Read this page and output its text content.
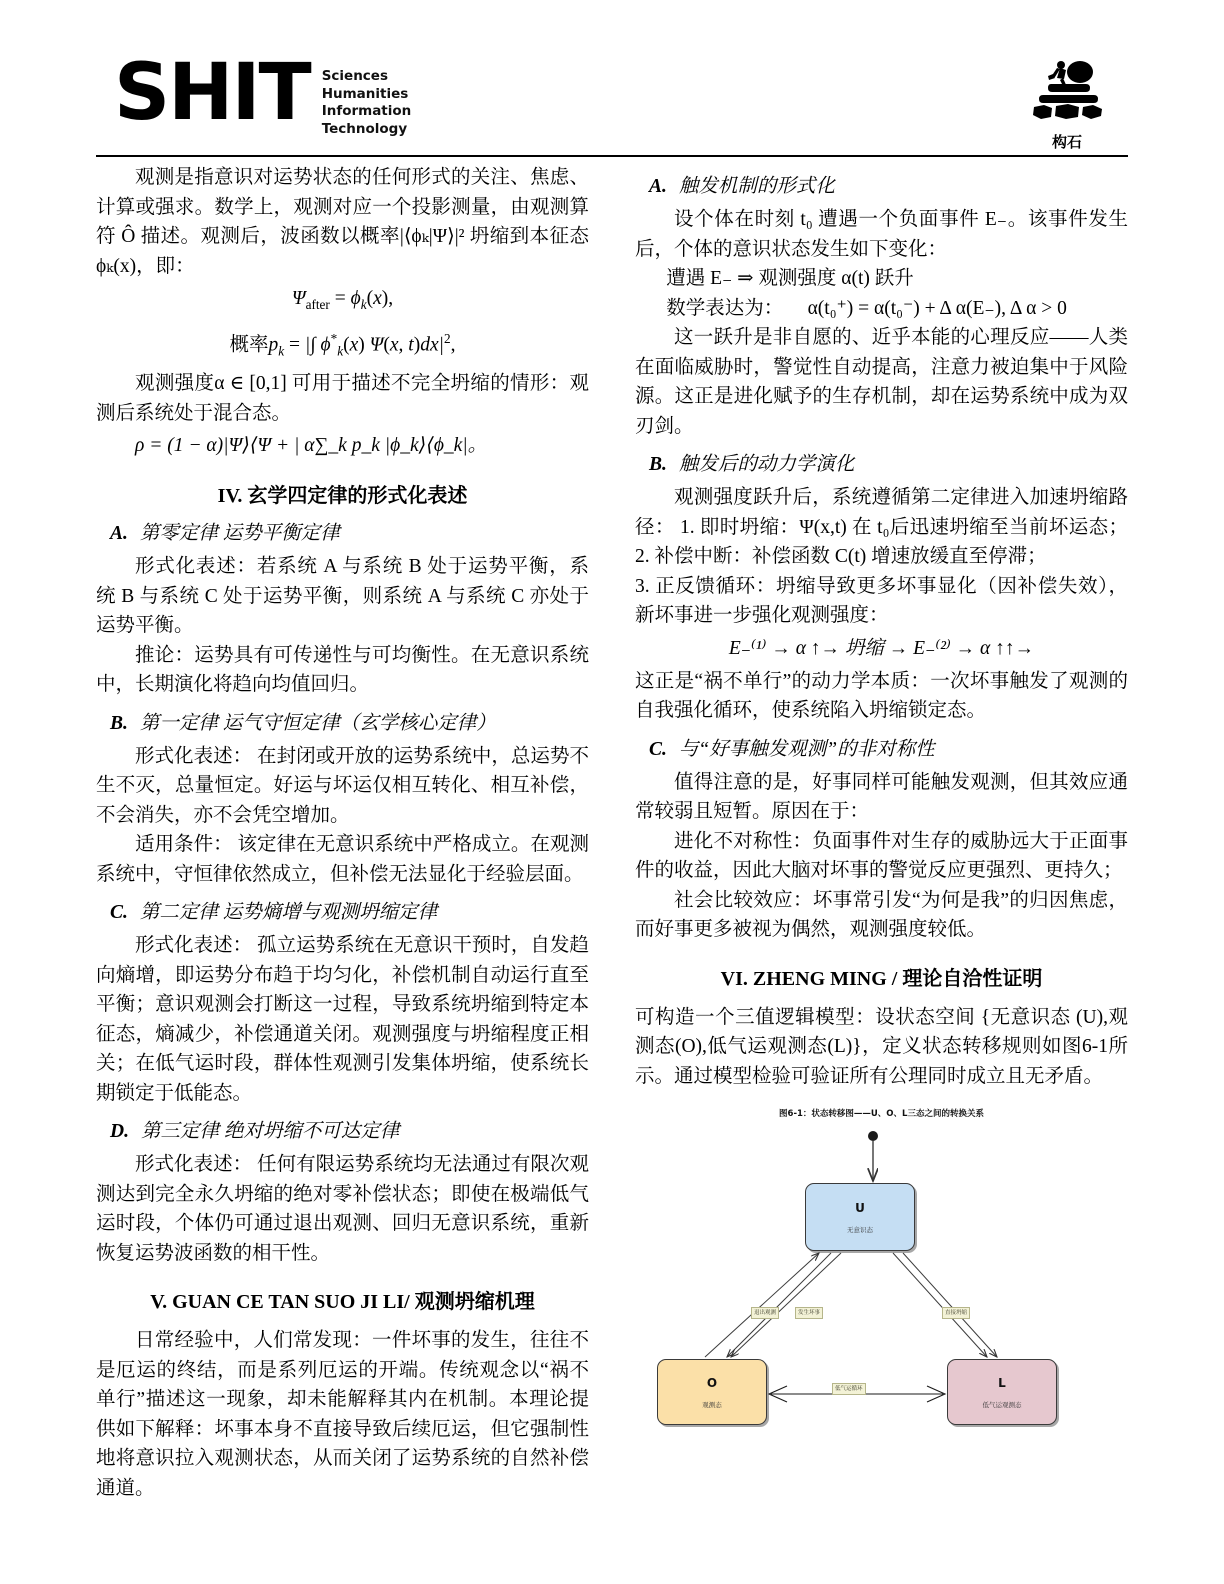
SHIT Sciences
Humanities
Information
Technology
构石

观测是指意识对运势状态的任何形式的关注、焦虑、计算或强求。数学上，观测对应一个投影测量，由观测算符 Ô 描述。观测后，波函数以概率|⟨ϕₖ|Ψ⟩|² 坍缩到本征态 ϕₖ(x)，即：

$\Psi_{after} = \phi_k(x)$,
概率$p_k$ = |∫ $\phi^*_k(x)$ Ψ(x, $t)dx|^2$,

观测强度α ∈ [0,1] 可用于描述不完全坍缩的情形：观测后系统处于混合态。

ρ = (1 − α)|Ψ⟩⟨Ψ + | α∑_k p_k |ϕ_k⟩⟨ϕ_k|。
IV. 玄学四定律的形式化表述
A. 第零定律 运势平衡定律

形式化表述：若系统 A 与系统 B 处于运势平衡，系统 B 与系统 C 处于运势平衡，则系统 A 与系统 C 亦处于运势平衡。

推论：运势具有可传递性与可均衡性。在无意识系统中，长期演化将趋向均值回归。

B. 第一定律 运气守恒定律（玄学核心定律）

形式化表述： 在封闭或开放的运势系统中，总运势不生不灭，总量恒定。好运与坏运仅相互转化、相互补偿，不会消失，亦不会凭空增加。

适用条件： 该定律在无意识系统中严格成立。在观测系统中，守恒律依然成立，但补偿无法显化于经验层面。

C. 第二定律 运势熵增与观测坍缩定律

形式化表述： 孤立运势系统在无意识干预时，自发趋向熵增，即运势分布趋于均匀化，补偿机制自动运行直至平衡；意识观测会打断这一过程，导致系统坍缩到特定本征态，熵减少，补偿通道关闭。观测强度与坍缩程度正相关；在低气运时段，群体性观测引发集体坍缩，使系统长期锁定于低能态。

D. 第三定律 绝对坍缩不可达定律

形式化表述： 任何有限运势系统均无法通过有限次观测达到完全永久坍缩的绝对零补偿状态；即使在极端低气运时段，个体仍可通过退出观测、回归无意识系统，重新恢复运势波函数的相干性。

V. GUAN CE TAN SUO JI LI/ 观测坍缩机理

日常经验中，人们常发现：一件坏事的发生，往往不是厄运的终结，而是系列厄运的开端。传统观念以“祸不单行”描述这一现象，却未能解释其内在机制。本理论提供如下解释：坏事本身不直接导致后续厄运，但它强制性地将意识拉入观测状态，从而关闭了运势系统的自然补偿通道。

A. 触发机制的形式化

设个体在时刻 t₀ 遭遇一个负面事件 E₋。该事件发生后，个体的意识状态发生如下变化：

遭遇 E₋ ⇒ 观测强度 α(t) 跃升

数学表达为： α(t₀⁺) = α(t₀⁻) + Δ α(E₋), Δ α > 0

这一跃升是非自愿的、近乎本能的心理反应——人类在面临威胁时，警觉性自动提高，注意力被迫集中于风险源。这正是进化赋予的生存机制，却在运势系统中成为双刃剑。

B. 触发后的动力学演化

观测强度跃升后，系统遵循第二定律进入加速坍缩路径： 1. 即时坍缩：Ψ(x,t) 在 t₀后迅速坍缩至当前坏运态； 2. 补偿中断：补偿函数 C(t) 增速放缓直至停滞；

3. 正反馈循环：坍缩导致更多坏事显化（因补偿失效），新坏事进一步强化观测强度：

E₋⁽¹⁾ → α ↑→ 坍缩 → E₋⁽²⁾ → α ↑↑→

这正是“祸不单行”的动力学本质：一次坏事触发了观测的自我强化循环，使系统陷入坍缩锁定态。

C. 与“好事触发观测”的非对称性

值得注意的是，好事同样可能触发观测，但其效应通常较弱且短暂。原因在于：

进化不对称性：负面事件对生存的威胁远大于正面事件的收益，因此大脑对坏事的警觉反应更强烈、更持久；

社会比较效应：坏事常引发“为何是我”的归因焦虑，而好事更多被视为偶然，观测强度较低。

VI. ZHENG MING / 理论自洽性证明

可构造一个三值逻辑模型：设状态空间 {无意识态 (U),观测态(O),低气运观测态(L)}，定义状态转移规则如图6-1所示。通过模型检验可验证所有公理同时成立且无矛盾。

图6-1：状态转移图——U、O、L三态之间的转换关系
U
无意识态
O
观测态
L
低气运观测态
退出观测	发生坏事	直接坍缩
低气运循环
